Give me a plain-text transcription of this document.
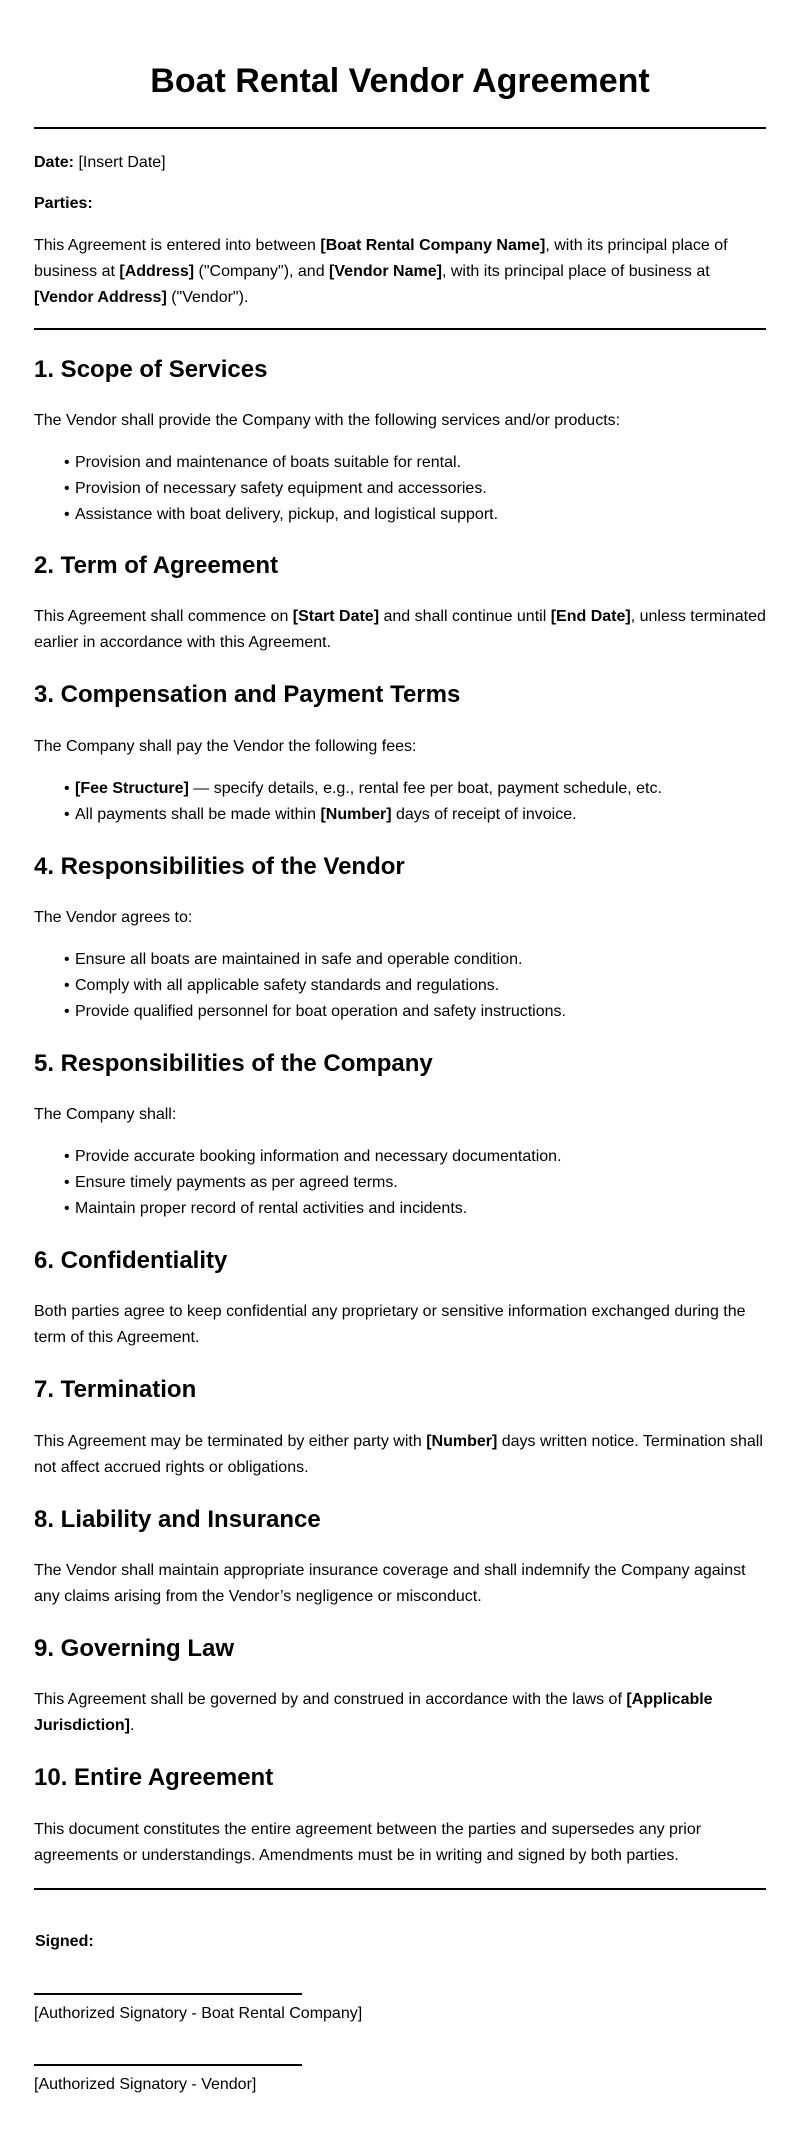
Boat Rental Vendor Agreement

Date: [Insert Date]

Parties:

This Agreement is entered into between [Boat Rental Company Name], with its principal place of business at [Address] ("Company"), and [Vendor Name], with its principal place of business at [Vendor Address] ("Vendor").

1. Scope of Services

The Vendor shall provide the Company with the following services and/or products:

• Provision and maintenance of boats suitable for rental.
• Provision of necessary safety equipment and accessories.
• Assistance with boat delivery, pickup, and logistical support.
2. Term of Agreement

This Agreement shall commence on [Start Date] and shall continue until [End Date], unless terminated earlier in accordance with this Agreement.

3. Compensation and Payment Terms

The Company shall pay the Vendor the following fees:

• [Fee Structure] — specify details, e.g., rental fee per boat, payment schedule, etc.
• All payments shall be made within [Number] days of receipt of invoice.
4. Responsibilities of the Vendor

The Vendor agrees to:

• Ensure all boats are maintained in safe and operable condition.
• Comply with all applicable safety standards and regulations.
• Provide qualified personnel for boat operation and safety instructions.
5. Responsibilities of the Company

The Company shall:

• Provide accurate booking information and necessary documentation.
• Ensure timely payments as per agreed terms.
• Maintain proper record of rental activities and incidents.
6. Confidentiality

Both parties agree to keep confidential any proprietary or sensitive information exchanged during the term of this Agreement.

7. Termination

This Agreement may be terminated by either party with [Number] days written notice. Termination shall not affect accrued rights or obligations.

8. Liability and Insurance

The Vendor shall maintain appropriate insurance coverage and shall indemnify the Company against any claims arising from the Vendor’s negligence or misconduct.

9. Governing Law

This Agreement shall be governed by and construed in accordance with the laws of [Applicable Jurisdiction].

10. Entire Agreement

This document constitutes the entire agreement between the parties and supersedes any prior agreements or understandings. Amendments must be in writing and signed by both parties.

Signed:

[Authorized Signatory - Boat Rental Company]

[Authorized Signatory - Vendor]
